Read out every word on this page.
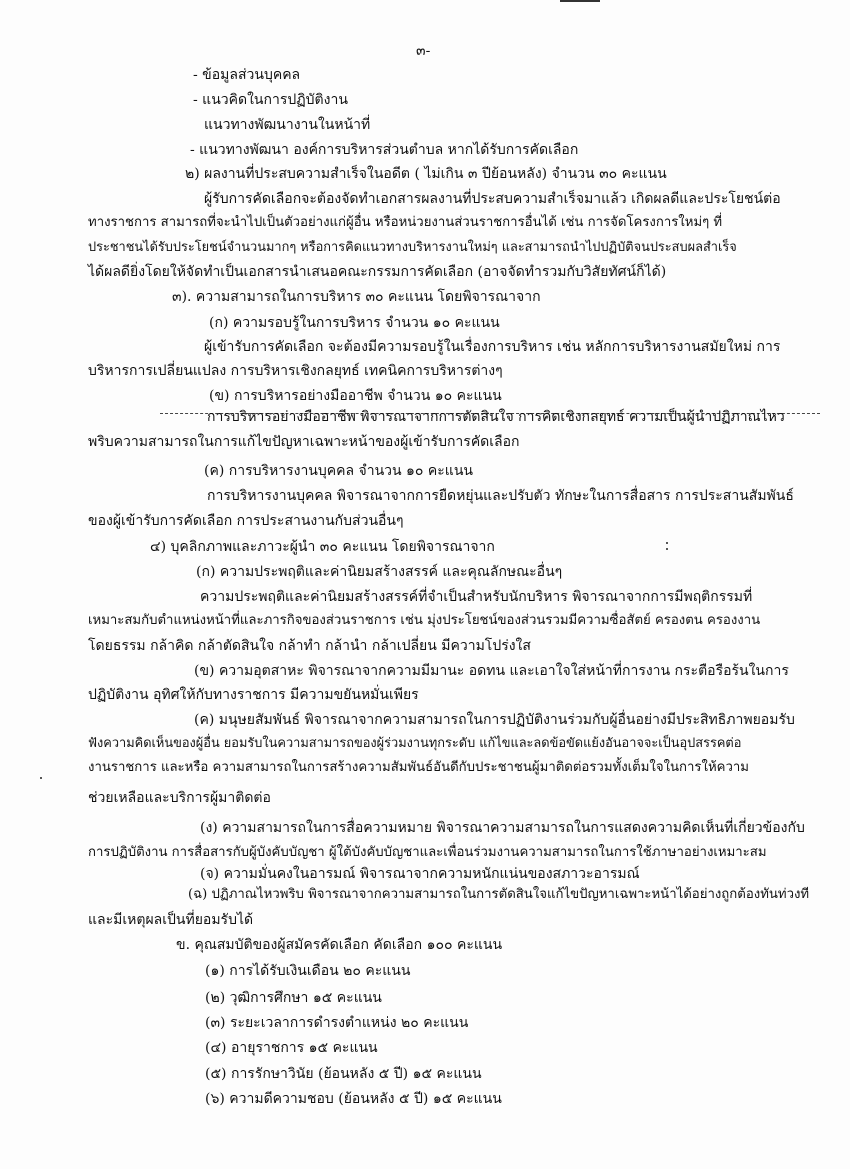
๓-
- ข้อมูลส่วนบุคคล
- แนวคิดในการปฏิบัติงาน
แนวทางพัฒนางานในหน้าที่
- แนวทางพัฒนา องค์การบริหารส่วนตำบล หากได้รับการคัดเลือก
๒) ผลงานที่ประสบความสำเร็จในอดีต ( ไม่เกิน ๓ ปีย้อนหลัง) จำนวน ๓๐ คะแนน
ผู้รับการคัดเลือกจะต้องจัดทำเอกสารผลงานที่ประสบความสำเร็จมาแล้ว เกิดผลดีและประโยชน์ต่อ
ทางราชการ สามารถที่จะนำไปเป็นตัวอย่างแก่ผู้อื่น หรือหน่วยงานส่วนราชการอื่นได้ เช่น การจัดโครงการใหม่ๆ ที่
ประชาชนได้รับประโยชน์จำนวนมากๆ หรือการคิดแนวทางบริหารงานใหม่ๆ และสามารถนำไปปฏิบัติจนประสบผลสำเร็จ
ได้ผลดียิ่งโดยให้จัดทำเป็นเอกสารนำเสนอคณะกรรมการคัดเลือก (อาจจัดทำรวมกับวิสัยทัศน์ก็ได้)
๓). ความสามารถในการบริหาร ๓๐ คะแนน โดยพิจารณาจาก
(ก) ความรอบรู้ในการบริหาร จำนวน ๑๐ คะแนน
ผู้เข้ารับการคัดเลือก จะต้องมีความรอบรู้ในเรื่องการบริหาร เช่น หลักการบริหารงานสมัยใหม่ การ
บริหารการเปลี่ยนแปลง การบริหารเชิงกลยุทธ์ เทคนิคการบริหารต่างๆ
(ข) การบริหารอย่างมืออาชีพ จำนวน ๑๐ คะแนน
การบริหารอย่างมืออาชีพ พิจารณาจากการตัดสินใจ การคิดเชิงกลยุทธ์ ความเป็นผู้นำปฏิภาณไหว
พริบความสามารถในการแก้ไขปัญหาเฉพาะหน้าของผู้เข้ารับการคัดเลือก
(ค) การบริหารงานบุคคล จำนวน ๑๐ คะแนน
การบริหารงานบุคคล พิจารณาจากการยืดหยุ่นและปรับตัว ทักษะในการสื่อสาร การประสานสัมพันธ์
ของผู้เข้ารับการคัดเลือก การประสานงานกับส่วนอื่นๆ
๔) บุคลิกภาพและภาวะผู้นำ ๓๐ คะแนน โดยพิจารณาจาก
(ก) ความประพฤติและค่านิยมสร้างสรรค์ และคุณลักษณะอื่นๆ
ความประพฤติและค่านิยมสร้างสรรค์ที่จำเป็นสำหรับนักบริหาร พิจารณาจากการมีพฤติกรรมที่
เหมาะสมกับตำแหน่งหน้าที่และภารกิจของส่วนราชการ เช่น มุ่งประโยชน์ของส่วนรวมมีความซื่อสัตย์ ครองตน ครองงาน
โดยธรรม กล้าคิด กล้าตัดสินใจ กล้าทำ กล้านำ กล้าเปลี่ยน มีความโปร่งใส
(ข) ความอุตสาหะ พิจารณาจากความมีมานะ อดทน และเอาใจใส่หน้าที่การงาน กระตือรือร้นในการ
ปฏิบัติงาน อุทิศให้กับทางราชการ มีความขยันหมั่นเพียร
(ค) มนุษยสัมพันธ์ พิจารณาจากความสามารถในการปฏิบัติงานร่วมกับผู้อื่นอย่างมีประสิทธิภาพยอมรับ
ฟังความคิดเห็นของผู้อื่น ยอมรับในความสามารถของผู้ร่วมงานทุกระดับ แก้ไขและลดข้อขัดแย้งอันอาจจะเป็นอุปสรรคต่อ
งานราชการ และหรือ ความสามารถในการสร้างความสัมพันธ์อันดีกับประชาชนผู้มาติดต่อรวมทั้งเต็มใจในการให้ความ
ช่วยเหลือและบริการผู้มาติดต่อ
(ง) ความสามารถในการสื่อความหมาย พิจารณาความสามารถในการแสดงความคิดเห็นที่เกี่ยวข้องกับ
การปฏิบัติงาน การสื่อสารกับผู้บังคับบัญชา ผู้ใต้บังคับบัญชาและเพื่อนร่วมงานความสามารถในการใช้ภาษาอย่างเหมาะสม
(จ) ความมั่นคงในอารมณ์ พิจารณาจากความหนักแน่นของสภาวะอารมณ์
(ฉ) ปฏิภาณไหวพริบ พิจารณาจากความสามารถในการตัดสินใจแก้ไขปัญหาเฉพาะหน้าได้อย่างถูกต้องทันท่วงที
และมีเหตุผลเป็นที่ยอมรับได้
ข. คุณสมบัติของผู้สมัครคัดเลือก คัดเลือก ๑๐๐ คะแนน
(๑) การได้รับเงินเดือน ๒๐ คะแนน
(๒) วุฒิการศึกษา ๑๕ คะแนน
(๓) ระยะเวลาการดำรงตำแหน่ง ๒๐ คะแนน
(๔) อายุราชการ ๑๕ คะแนน
(๕) การรักษาวินัย (ย้อนหลัง ๕ ปี) ๑๕ คะแนน
(๖) ความดีความชอบ (ย้อนหลัง ๕ ปี) ๑๕ คะแนน
